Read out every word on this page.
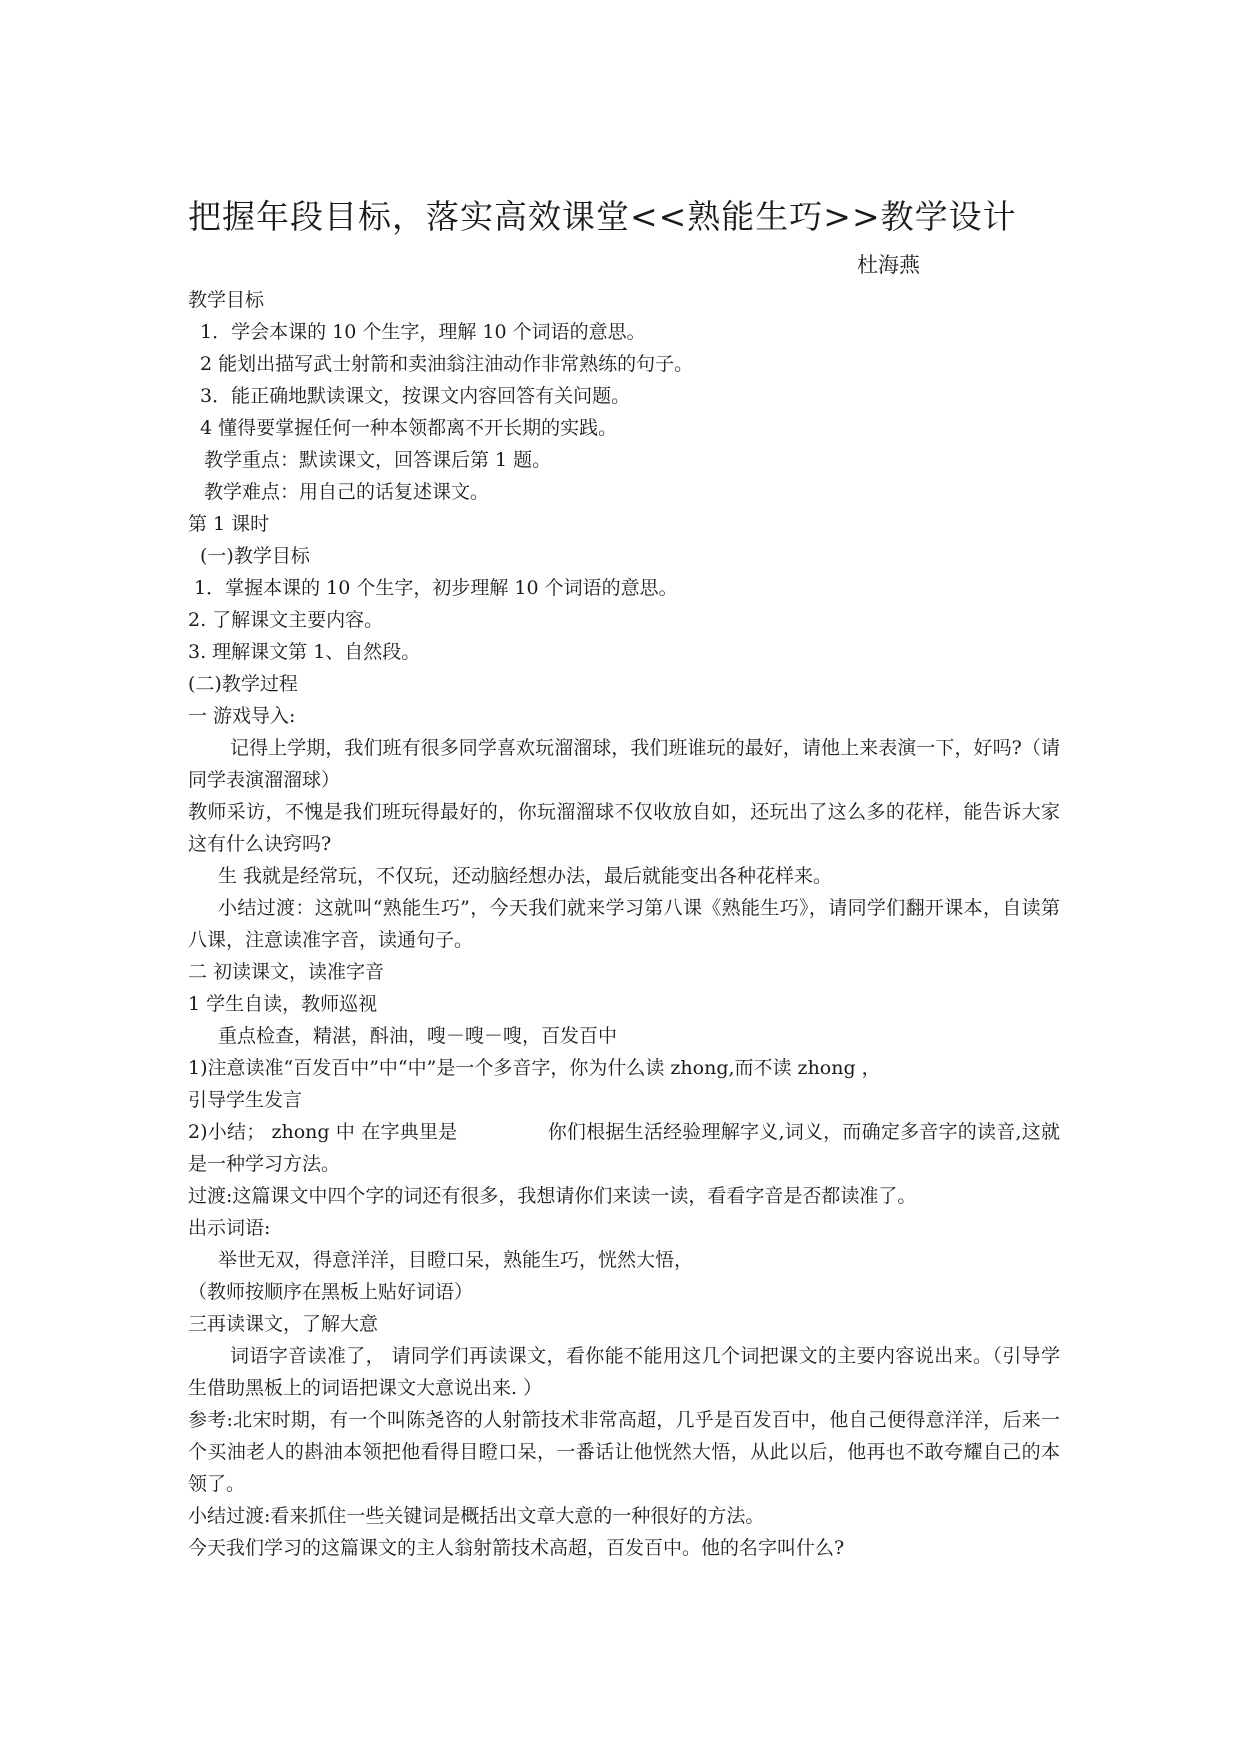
把握年段目标，落实高效课堂<<熟能生巧>>教学设计
杜海燕
教学目标
1．学会本课的 10 个生字，理解 10 个词语的意思。
2 能划出描写武士射箭和卖油翁注油动作非常熟练的句子。
3．能正确地默读课文，按课文内容回答有关问题。
4 懂得要掌握任何一种本领都离不开长期的实践。
教学重点：默读课文，回答课后第 1 题。
教学难点：用自己的话复述课文。
第 1 课时
(一)教学目标
1．掌握本课的 10 个生字，初步理解 10 个词语的意思。
2. 了解课文主要内容。
3. 理解课文第 1、自然段。
(二)教学过程
一 游戏导入:
记得上学期，我们班有很多同学喜欢玩溜溜球，我们班谁玩的最好，请他上来表演一下，好吗?（请同学表演溜溜球）
教师采访，不愧是我们班玩得最好的，你玩溜溜球不仅收放自如，还玩出了这么多的花样，能告诉大家这有什么诀窍吗?
生 我就是经常玩，不仅玩，还动脑经想办法，最后就能变出各种花样来。
小结过渡：这就叫“熟能生巧”，今天我们就来学习第八课《熟能生巧》，请同学们翻开课本，自读第八课，注意读准字音，读通句子。
二 初读课文，读准字音
1 学生自读，教师巡视
重点检查，精湛，酙油，嗖－嗖－嗖，百发百中
1)注意读准“百发百中”中“中”是一个多音字，你为什么读 zhong,而不读 zhong ，
引导学生发言
2)小结； zhong 中 在字典里是	你们根据生活经验理解字义,词义，而确定多音字的读音,这就是一种学习方法。
过渡:这篇课文中四个字的词还有很多，我想请你们来读一读，看看字音是否都读准了。
出示词语:
举世无双，得意洋洋，目瞪口呆，熟能生巧，恍然大悟，
（教师按顺序在黑板上贴好词语）
三再读课文，了解大意
词语字音读准了， 请同学们再读课文，看你能不能用这几个词把课文的主要内容说出来。（引导学生借助黑板上的词语把课文大意说出来. ）
参考:北宋时期，有一个叫陈尧咨的人射箭技术非常高超，几乎是百发百中，他自己便得意洋洋，后来一个买油老人的斟油本领把他看得目瞪口呆，一番话让他恍然大悟，从此以后，他再也不敢夸耀自己的本领了。
小结过渡:看来抓住一些关键词是概括出文章大意的一种很好的方法。
今天我们学习的这篇课文的主人翁射箭技术高超，百发百中。他的名字叫什么?
